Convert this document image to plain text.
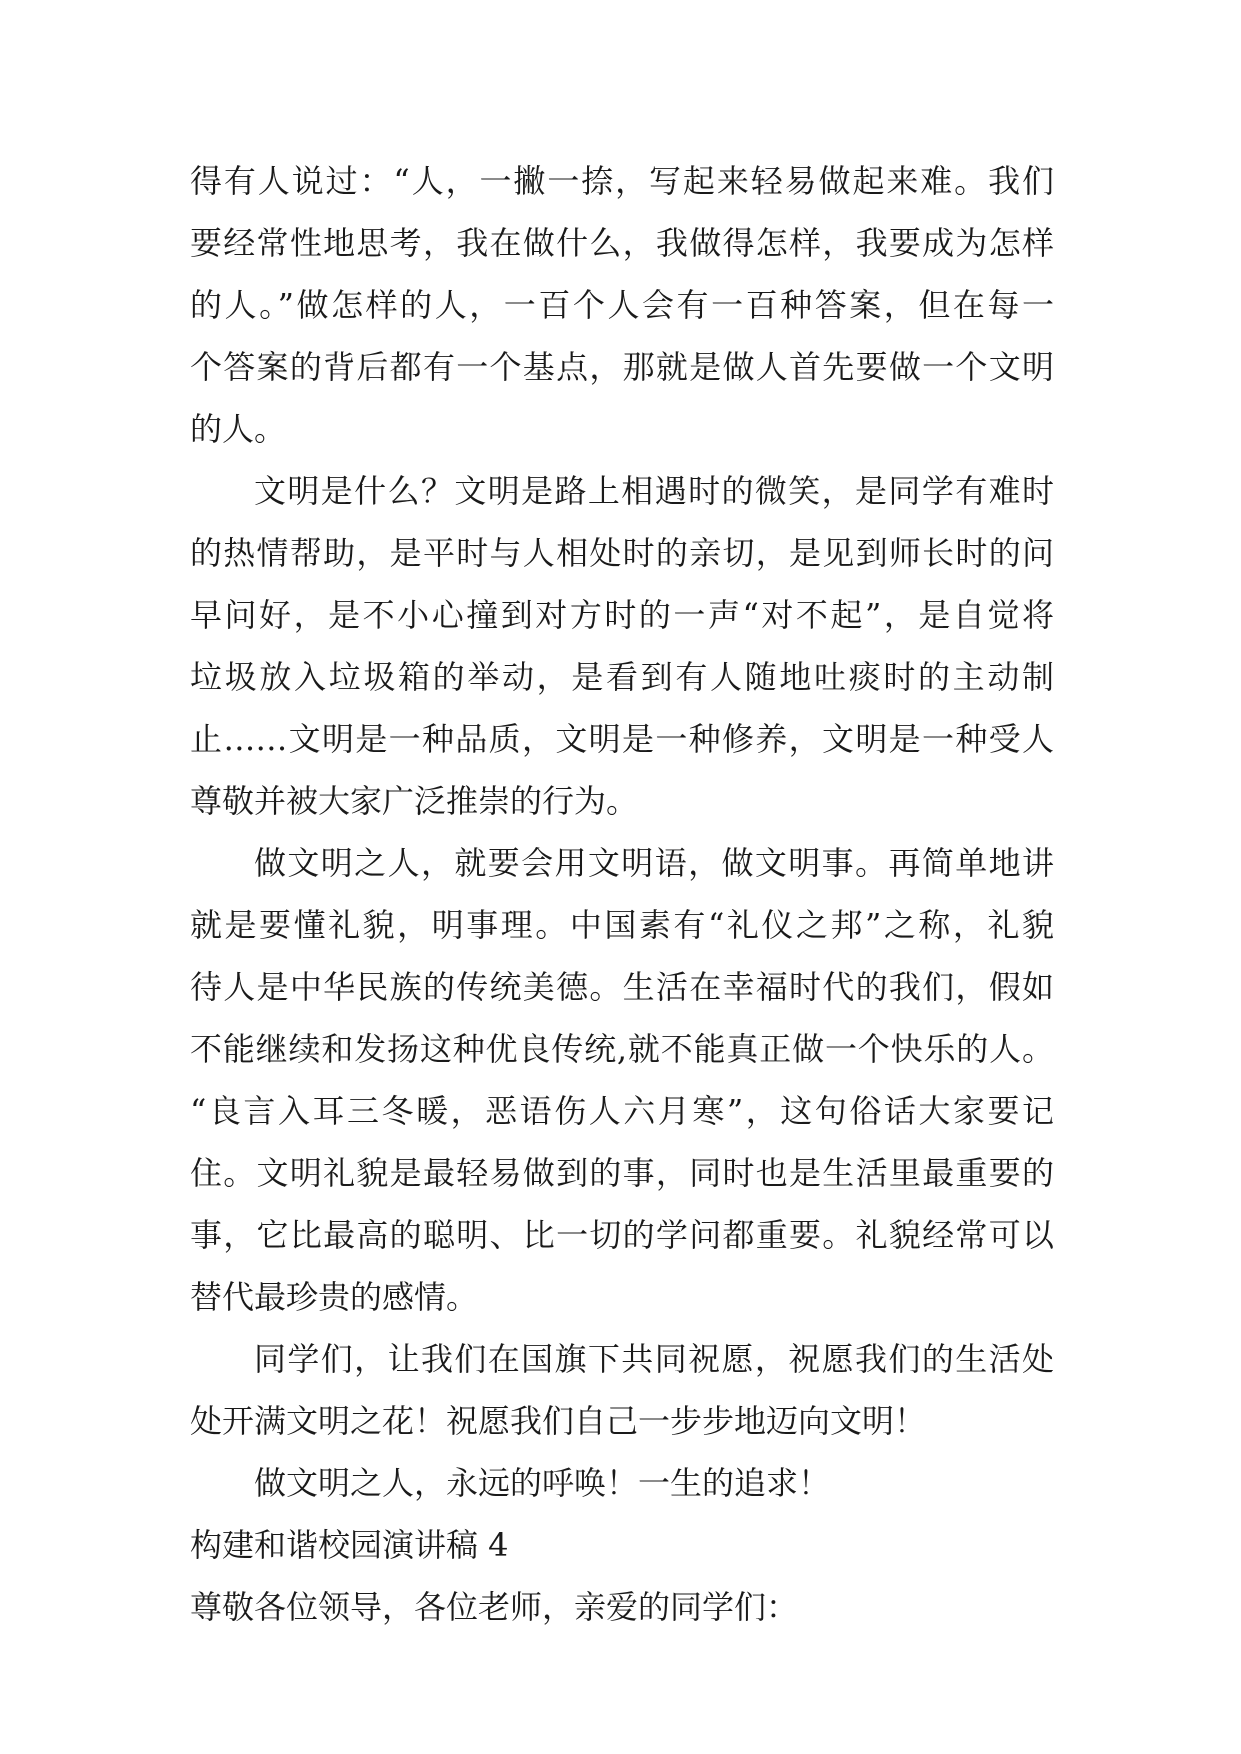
得有人说过：“人，一撇一捺，写起来轻易做起来难。我们
要经常性地思考，我在做什么，我做得怎样，我要成为怎样
的人。”做怎样的人，一百个人会有一百种答案，但在每一
个答案的背后都有一个基点，那就是做人首先要做一个文明
的人。
文明是什么？文明是路上相遇时的微笑，是同学有难时
的热情帮助，是平时与人相处时的亲切，是见到师长时的问
早问好，是不小心撞到对方时的一声“对不起”，是自觉将
垃圾放入垃圾箱的举动，是看到有人随地吐痰时的主动制
止……文明是一种品质，文明是一种修养，文明是一种受人
尊敬并被大家广泛推崇的行为。
做文明之人，就要会用文明语，做文明事。再简单地讲
就是要懂礼貌，明事理。中国素有“礼仪之邦”之称，礼貌
待人是中华民族的传统美德。生活在幸福时代的我们，假如
不能继续和发扬这种优良传统,就不能真正做一个快乐的人。
“良言入耳三冬暖，恶语伤人六月寒”，这句俗话大家要记
住。文明礼貌是最轻易做到的事，同时也是生活里最重要的
事，它比最高的聪明、比一切的学问都重要。礼貌经常可以
替代最珍贵的感情。
同学们，让我们在国旗下共同祝愿，祝愿我们的生活处
处开满文明之花！祝愿我们自己一步步地迈向文明！
做文明之人，永远的呼唤！一生的追求！
构建和谐校园演讲稿 4
尊敬各位领导，各位老师，亲爱的同学们：
